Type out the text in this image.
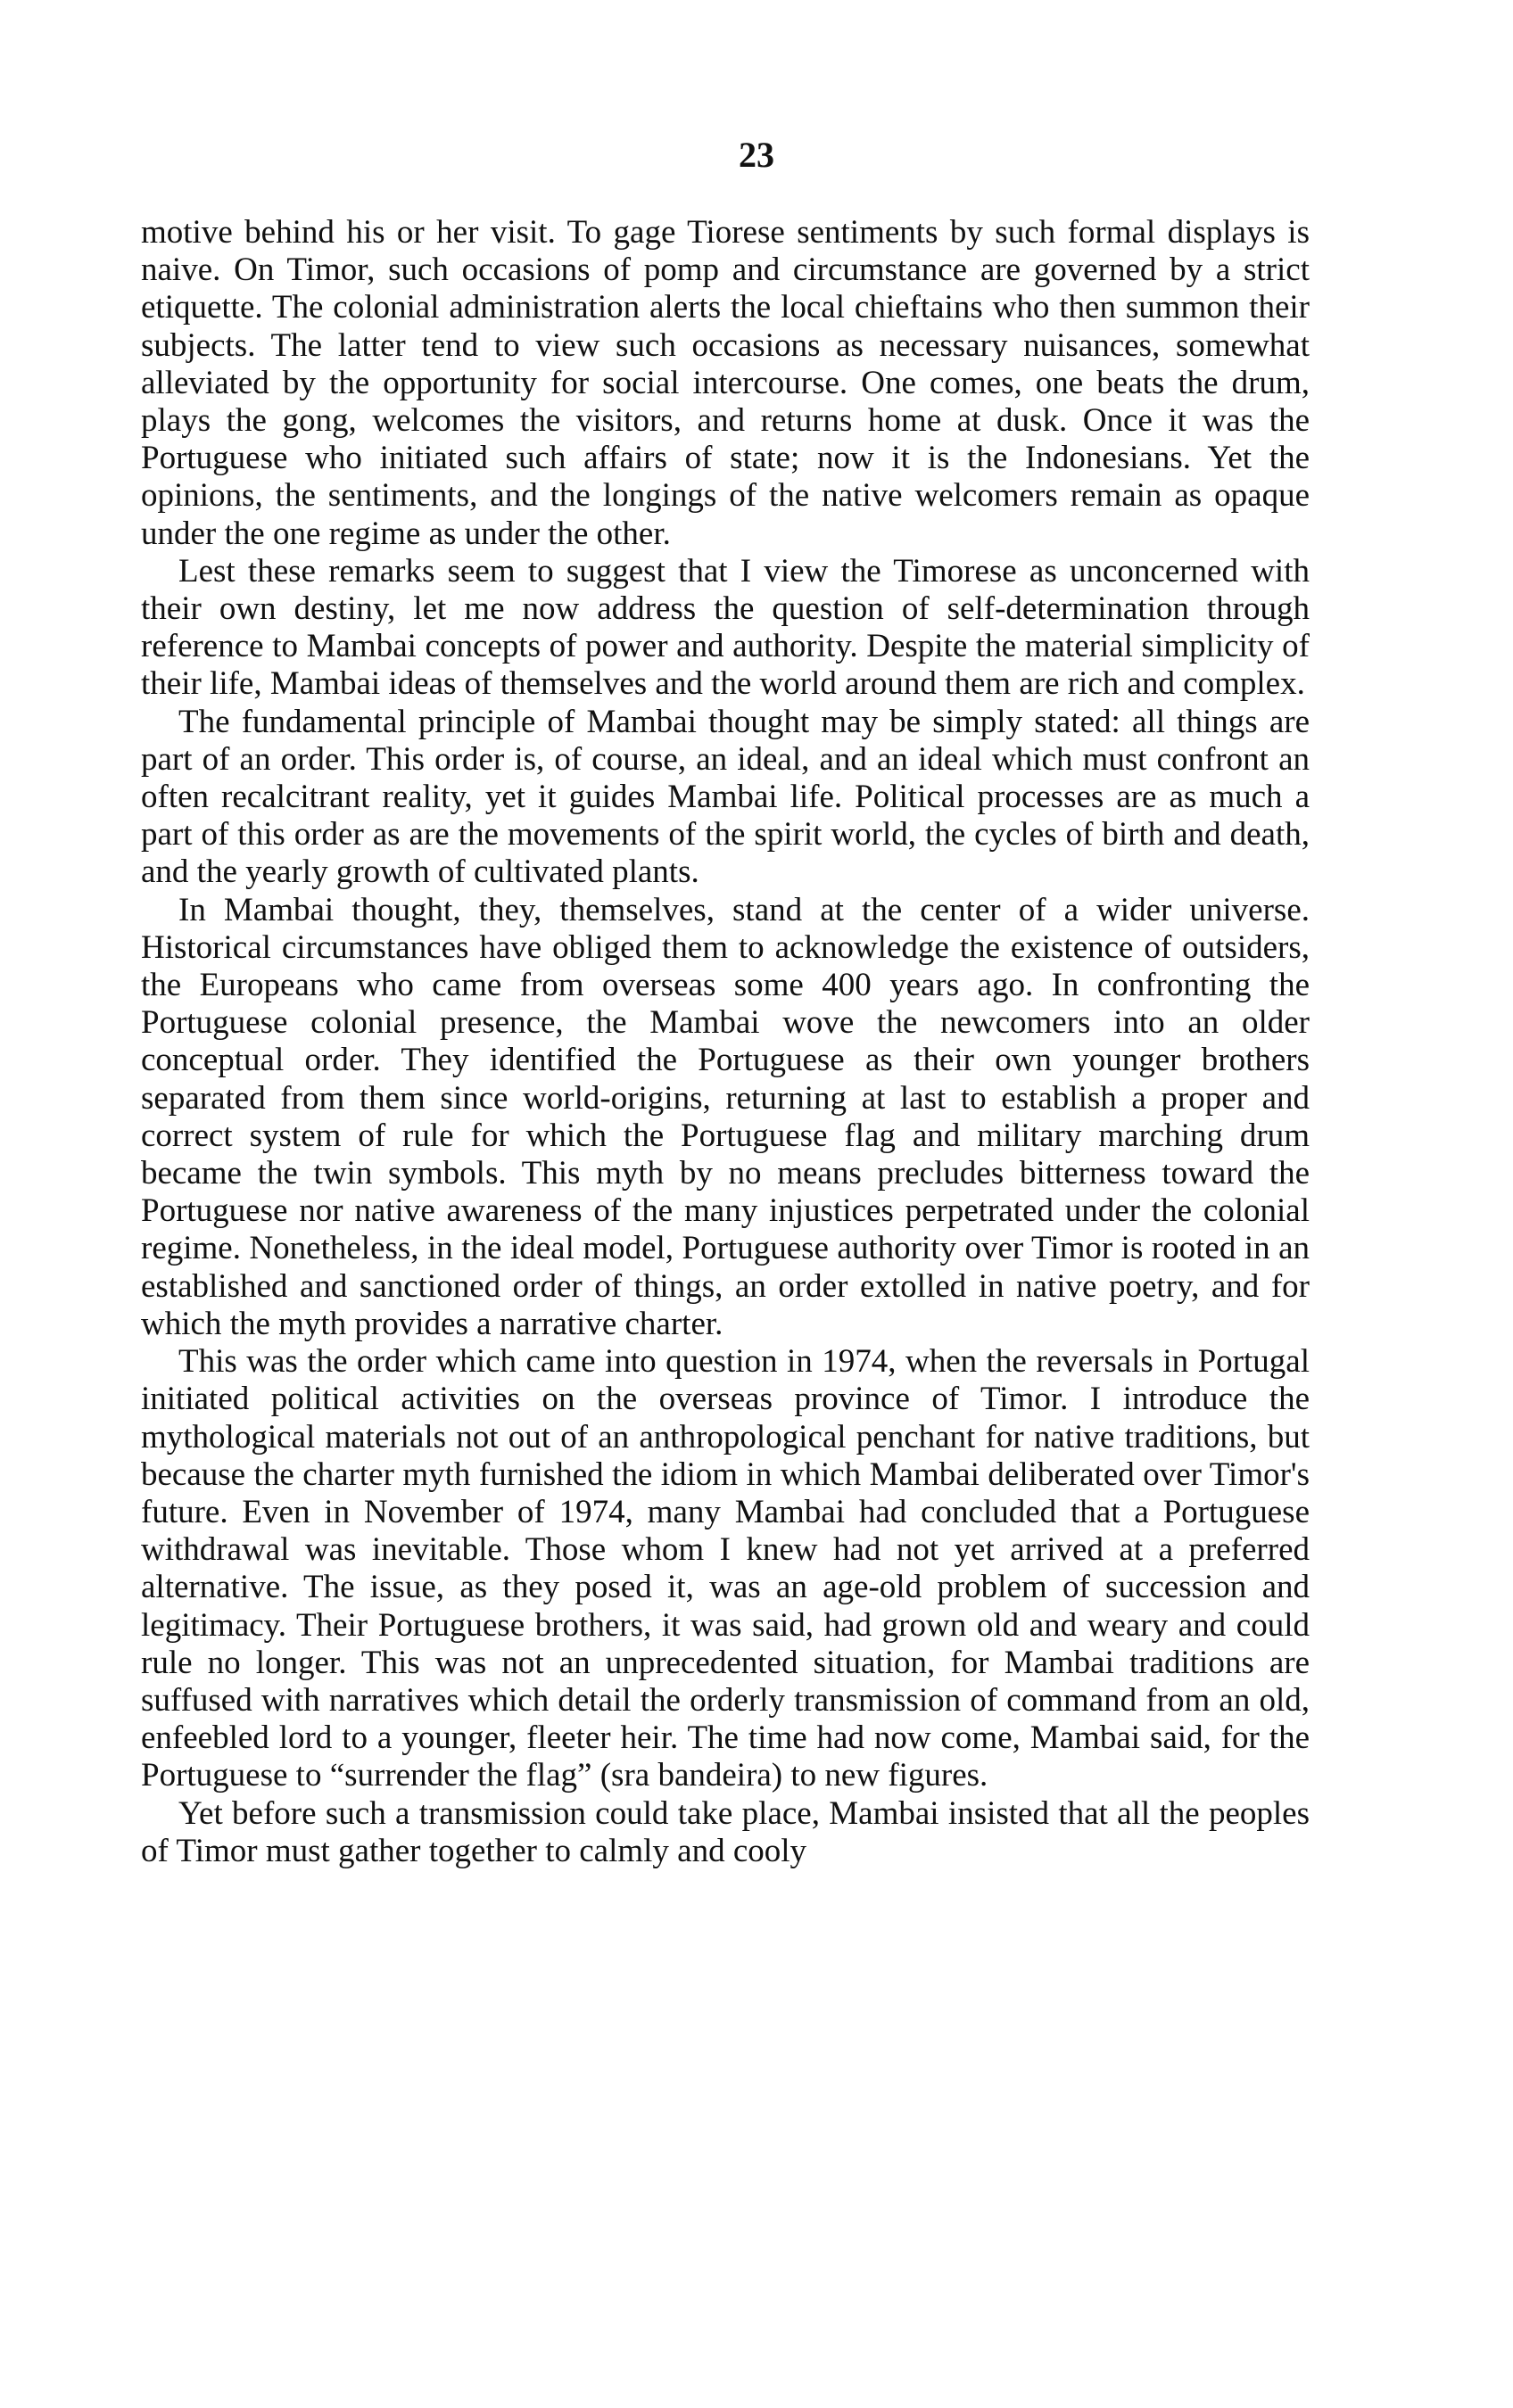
23

motive behind his or her visit. To gage Tiorese sentiments by such formal displays is naive. On Timor, such occasions of pomp and circumstance are governed by a strict etiquette. The colonial administration alerts the local chieftains who then summon their subjects. The latter tend to view such occasions as necessary nuisances, somewhat alleviated by the opportunity for social intercourse. One comes, one beats the drum, plays the gong, welcomes the visitors, and returns home at dusk. Once it was the Portuguese who initiated such affairs of state; now it is the Indonesians. Yet the opinions, the sentiments, and the longings of the native welcomers remain as opaque under the one regime as under the other.

Lest these remarks seem to suggest that I view the Timorese as unconcerned with their own destiny, let me now address the question of self-determination through reference to Mambai concepts of power and authority. Despite the material simplicity of their life, Mambai ideas of themselves and the world around them are rich and complex.

The fundamental principle of Mambai thought may be simply stated: all things are part of an order. This order is, of course, an ideal, and an ideal which must confront an often recalcitrant reality, yet it guides Mambai life. Political processes are as much a part of this order as are the movements of the spirit world, the cycles of birth and death, and the yearly growth of cultivated plants.

In Mambai thought, they, themselves, stand at the center of a wider universe. Historical circumstances have obliged them to acknowledge the existence of outsiders, the Europeans who came from overseas some 400 years ago. In confronting the Portuguese colonial presence, the Mambai wove the newcomers into an older conceptual order. They identified the Portuguese as their own younger brothers separated from them since world-origins, returning at last to establish a proper and correct system of rule for which the Portuguese flag and military marching drum became the twin symbols. This myth by no means precludes bitterness toward the Portuguese nor native awareness of the many injustices perpetrated under the colonial regime. Nonetheless, in the ideal model, Portuguese authority over Timor is rooted in an established and sanctioned order of things, an order extolled in native poetry, and for which the myth provides a narrative charter.

This was the order which came into question in 1974, when the reversals in Portugal initiated political activities on the overseas province of Timor. I introduce the mythological materials not out of an anthropological penchant for native traditions, but because the charter myth furnished the idiom in which Mambai deliberated over Timor's future. Even in November of 1974, many Mambai had concluded that a Portuguese withdrawal was inevitable. Those whom I knew had not yet arrived at a preferred alternative. The issue, as they posed it, was an age-old problem of succession and legitimacy. Their Portuguese brothers, it was said, had grown old and weary and could rule no longer. This was not an unprecedented situation, for Mambai traditions are suffused with narratives which detail the orderly transmission of command from an old, enfeebled lord to a younger, fleeter heir. The time had now come, Mambai said, for the Portuguese to “surrender the flag” (sra bandeira) to new figures.

Yet before such a transmission could take place, Mambai insisted that all the peoples of Timor must gather together to calmly and cooly
